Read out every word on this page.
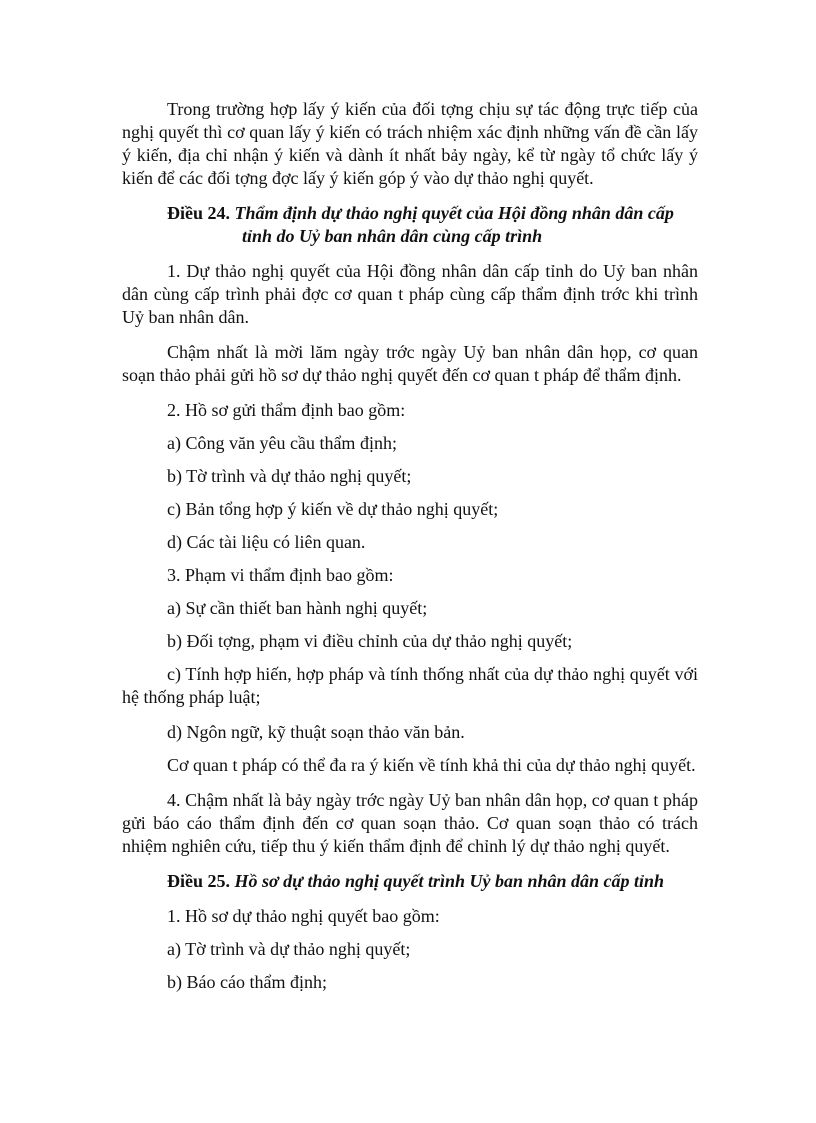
Trong trường hợp lấy ý kiến của đối tợng chịu sự tác động trực tiếp của nghị quyết thì cơ quan lấy ý kiến có trách nhiệm xác định những vấn đề cần lấy ý kiến, địa chỉ nhận ý kiến và dành ít nhất bảy ngày, kể từ ngày tổ chức lấy ý kiến để các đối tợng đợc lấy ý kiến góp ý vào dự thảo nghị quyết.

Điều 24. Thẩm định dự thảo nghị quyết của Hội đồng nhân dân cấp
tỉnh do Uỷ ban nhân dân cùng cấp trình

1. Dự thảo nghị quyết của Hội đồng nhân dân cấp tỉnh do Uỷ ban nhân dân cùng cấp trình phải đợc cơ quan t pháp cùng cấp thẩm định trớc khi trình Uỷ ban nhân dân.

Chậm nhất là mời lăm ngày trớc ngày Uỷ ban nhân dân họp, cơ quan soạn thảo phải gửi hồ sơ dự thảo nghị quyết đến cơ quan t pháp để thẩm định.

2. Hồ sơ gửi thẩm định bao gồm:

a) Công văn yêu cầu thẩm định;

b) Tờ trình và dự thảo nghị quyết;

c) Bản tổng hợp ý kiến về dự thảo nghị quyết;

d) Các tài liệu có liên quan.

3. Phạm vi thẩm định bao gồm:

a) Sự cần thiết ban hành nghị quyết;

b) Đối tợng, phạm vi điều chỉnh của dự thảo nghị quyết;

c) Tính hợp hiến, hợp pháp và tính thống nhất của dự thảo nghị quyết với hệ thống pháp luật;

d) Ngôn ngữ, kỹ thuật soạn thảo văn bản.

Cơ quan t pháp có thể đa ra ý kiến về tính khả thi của dự thảo nghị quyết.

4. Chậm nhất là bảy ngày trớc ngày Uỷ ban nhân dân họp, cơ quan t pháp gửi báo cáo thẩm định đến cơ quan soạn thảo. Cơ quan soạn thảo có trách nhiệm nghiên cứu, tiếp thu ý kiến thẩm định để chỉnh lý dự thảo nghị quyết.

Điều 25. Hồ sơ dự thảo nghị quyết trình Uỷ ban nhân dân cấp tỉnh

1. Hồ sơ dự thảo nghị quyết bao gồm:

a) Tờ trình và dự thảo nghị quyết;

b) Báo cáo thẩm định;
